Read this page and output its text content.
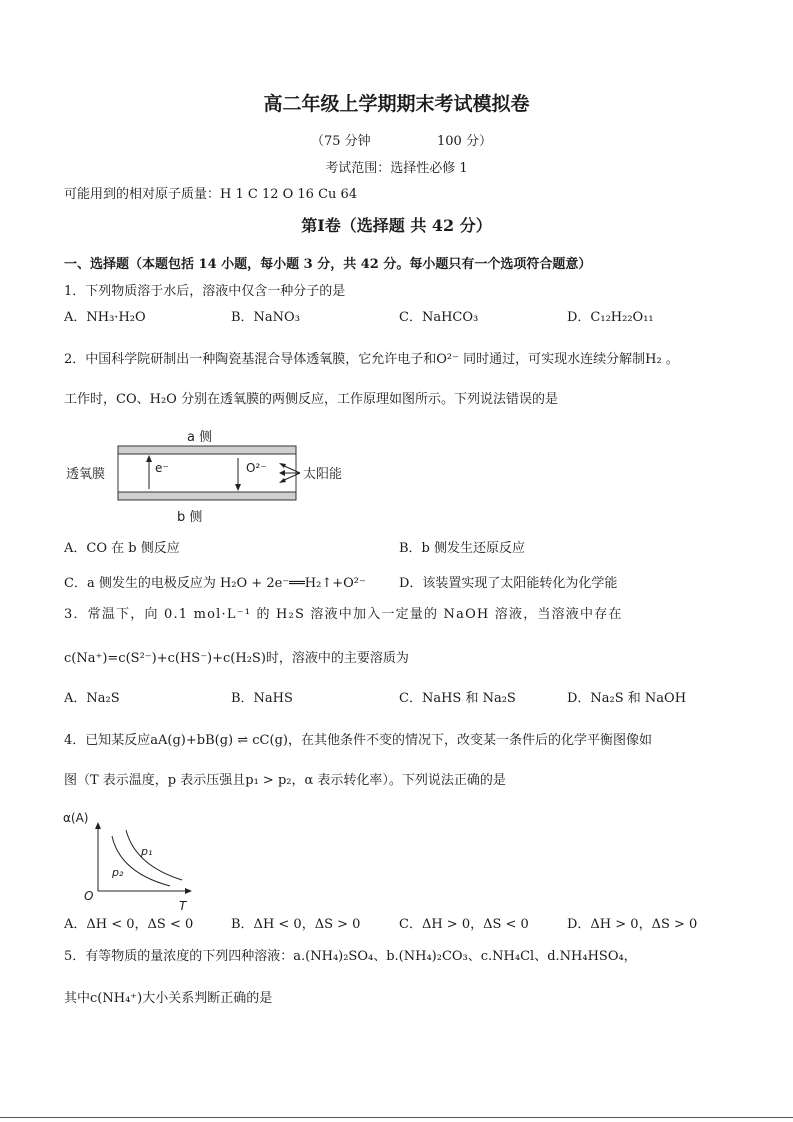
高二年级上学期期末考试模拟卷
（75 分钟	100 分）
考试范围：选择性必修 1
可能用到的相对原子质量：H 1 C 12 O 16 Cu 64
第Ⅰ卷（选择题 共 42 分）
一、选择题（本题包括 14 小题，每小题 3 分，共 42 分。每小题只有一个选项符合题意）
1．下列物质溶于水后，溶液中仅含一种分子的是
A．NH₃·H₂O	B．NaNO₃	C．NaHCO₃	D．C₁₂H₂₂O₁₁
2．中国科学院研制出一种陶瓷基混合导体透氧膜，它允许电子和O²⁻ 同时通过，可实现水连续分解制H₂ 。
工作时，CO、H₂O 分别在透氧膜的两侧反应，工作原理如图所示。下列说法错误的是
a 侧
透氧膜	e⁻	O²⁻	太阳能
b 侧
A．CO 在 b 侧反应	B．b 侧发生还原反应
C．a 侧发生的电极反应为 H₂O + 2e⁻══H₂↑+O²⁻	D．该装置实现了太阳能转化为化学能
3．常温下，向 0.1 mol·L⁻¹ 的 H₂S 溶液中加入一定量的 NaOH 溶液，当溶液中存在
c(Na⁺)=c(S²⁻)+c(HS⁻)+c(H₂S)时，溶液中的主要溶质为
A．Na₂S	B．NaHS	C．NaHS 和 Na₂S	D．Na₂S 和 NaOH
4．已知某反应aA(g)+bB(g) ⇌ cC(g)，在其他条件不变的情况下，改变某一条件后的化学平衡图像如
图（T 表示温度，p 表示压强且p₁ > p₂，α 表示转化率）。下列说法正确的是
α(A)
O
T
p₁
p₂
A．ΔH < 0，ΔS < 0	B．ΔH < 0，ΔS > 0	C．ΔH > 0，ΔS < 0	D．ΔH > 0，ΔS > 0
5．有等物质的量浓度的下列四种溶液：a.(NH₄)₂SO₄、b.(NH₄)₂CO₃、c.NH₄Cl、d.NH₄HSO₄，
其中c(NH₄⁺)大小关系判断正确的是
